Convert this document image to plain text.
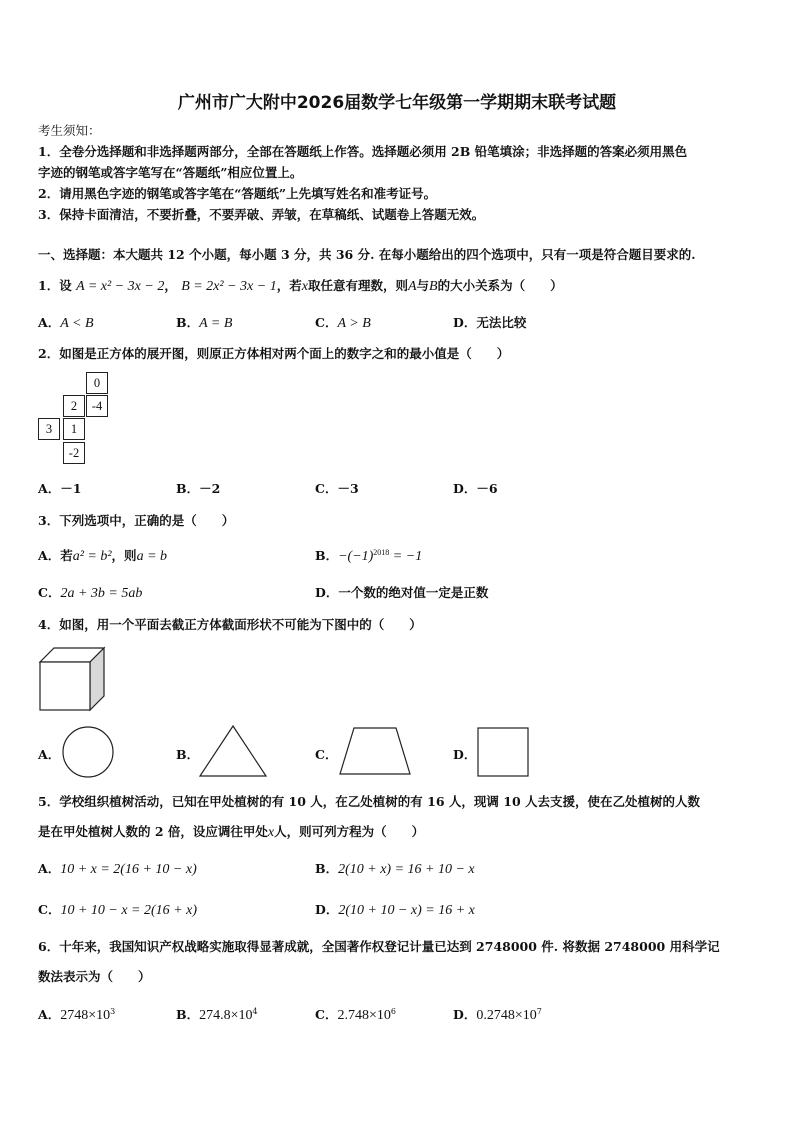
广州市广大附中2026届数学七年级第一学期期末联考试题
考生须知：
1．全卷分选择题和非选择题两部分，全部在答题纸上作答。选择题必须用 2B 铅笔填涂；非选择题的答案必须用黑色
字迹的钢笔或答字笔写在“答题纸”相应位置上。
2．请用黑色字迹的钢笔或答字笔在“答题纸”上先填写姓名和准考证号。
3．保持卡面清洁，不要折叠，不要弄破、弄皱，在草稿纸、试题卷上答题无效。
一、选择题：本大题共 12 个小题，每小题 3 分，共 36 分. 在每小题给出的四个选项中，只有一项是符合题目要求的.
1．设 A = x² − 3x − 2， B = 2x² − 3x − 1，若x取任意有理数，则A与B的大小关系为（　　）
A．A < B	B．A = B	C．A > B	D．无法比较
2．如图是正方体的展开图，则原正方体相对两个面上的数字之和的最小值是（　　）
0
2	-4
3	1
-2
A．－1	B．－2	C．－3	D．－6
3．下列选项中，正确的是（　　）
A．若a² = b²，则a = b	B．$-(-1)^{2018} = -1$
C．2a + 3b = 5ab	D．一个数的绝对值一定是正数
4．如图，用一个平面去截正方体截面形状不可能为下图中的（　　）
A．	B．	C．	D．
5．学校组织植树活动，已知在甲处植树的有 10 人，在乙处植树的有 16 人，现调 10 人去支援，使在乙处植树的人数
是在甲处植树人数的 2 倍，设应调往甲处x人，则可列方程为（　　）
A．10 + x = 2(16 + 10 − x)	B．2(10 + x) = 16 + 10 − x
C．10 + 10 − x = 2(16 + x)	D．2(10 + 10 − x) = 16 + x
6．十年来，我国知识产权战略实施取得显著成就，全国著作权登记计量已达到 2748000 件. 将数据 2748000 用科学记
数法表示为（　　）
A．$2748\times 10^3$	B．$274.8\times 10^4$	C．$2.748\times 10^6$	D．$0.2748\times 10^7$
